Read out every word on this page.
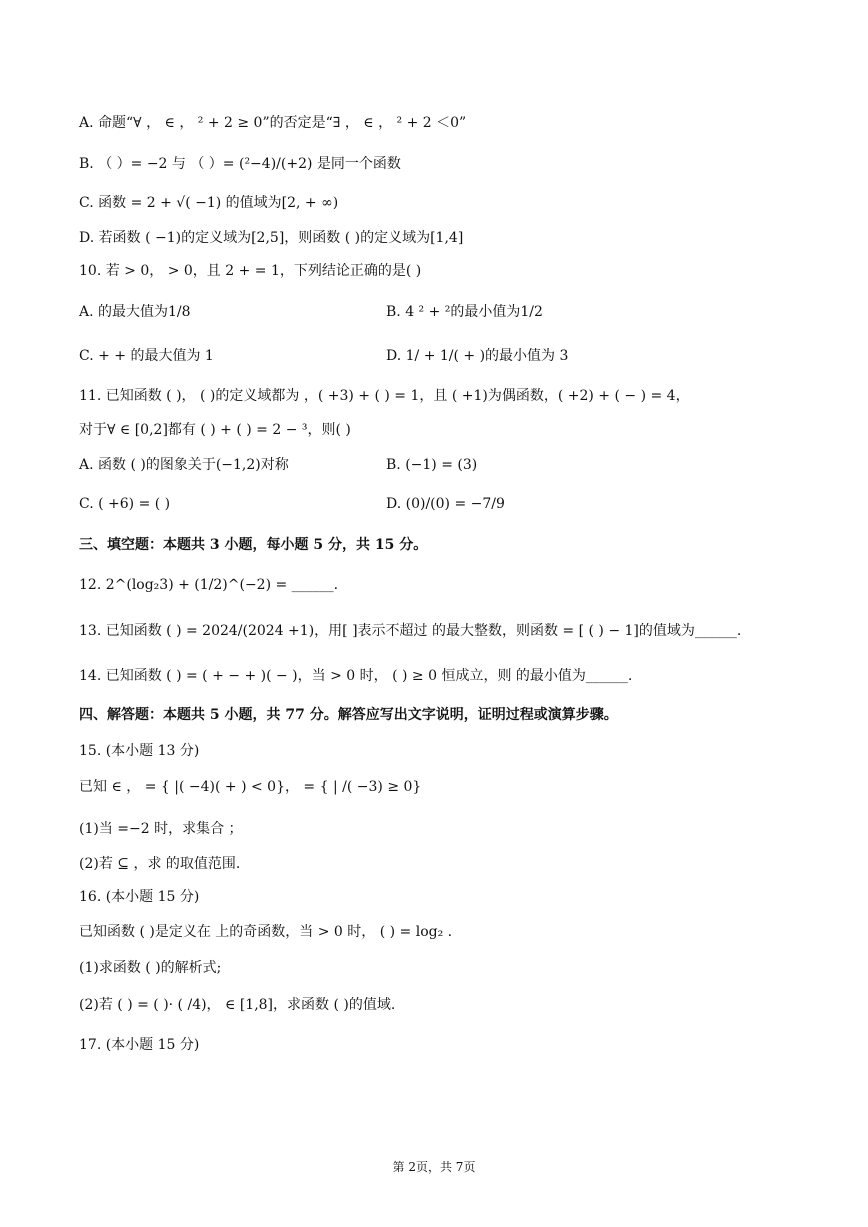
A. 命题“∀ ， ∈ ， ² + 2 ≥ 0”的否定是“∃ ， ∈ ， ² + 2 ＜0”
B. （ ）= −2 与 （ ）= (²−4)/(+2) 是同一个函数
C. 函数 = 2 + √( −1) 的值域为[2, + ∞)
D. 若函数 ( −1)的定义域为[2,5]，则函数 ( )的定义域为[1,4]
10. 若 > 0， > 0，且 2 + = 1，下列结论正确的是( )
A. 的最大值为1/8	B. 4 ² + ²的最小值为1/2
C. + + 的最大值为 1	D. 1/ + 1/( + )的最小值为 3
11. 已知函数 ( )， ( )的定义域都为 ，( +3) + ( ) = 1，且 ( +1)为偶函数，( +2) + ( − ) = 4，
对于∀ ∈ [0,2]都有 ( ) + ( ) = 2 − ³，则( )
A. 函数 ( )的图象关于(−1,2)对称	B. (−1) = (3)
C. ( +6) = ( )	D. (0)/(0) = −7/9
三、填空题：本题共 3 小题，每小题 5 分，共 15 分。
12. 2^(log₂3) + (1/2)^(−2) = ______.
13. 已知函数 ( ) = 2024/(2024 +1)，用[ ]表示不超过 的最大整数，则函数 = [ ( ) − 1]的值域为______.
14. 已知函数 ( ) = ( + − + )( − )，当 > 0 时， ( ) ≥ 0 恒成立，则 的最小值为______.
四、解答题：本题共 5 小题，共 77 分。解答应写出文字说明，证明过程或演算步骤。
15. (本小题 13 分)
已知 ∈ ， = { |( −4)( + ) < 0}， = { | /( −3) ≥ 0}
(1)当 =−2 时，求集合 ；
(2)若 ⊆ ，求 的取值范围.
16. (本小题 15 分)
已知函数 ( )是定义在 上的奇函数，当 > 0 时， ( ) = log₂ .
(1)求函数 ( )的解析式;
(2)若 ( ) = ( )· ( /4)， ∈ [1,8]，求函数 ( )的值域.
17. (本小题 15 分)
第 2页，共 7页
